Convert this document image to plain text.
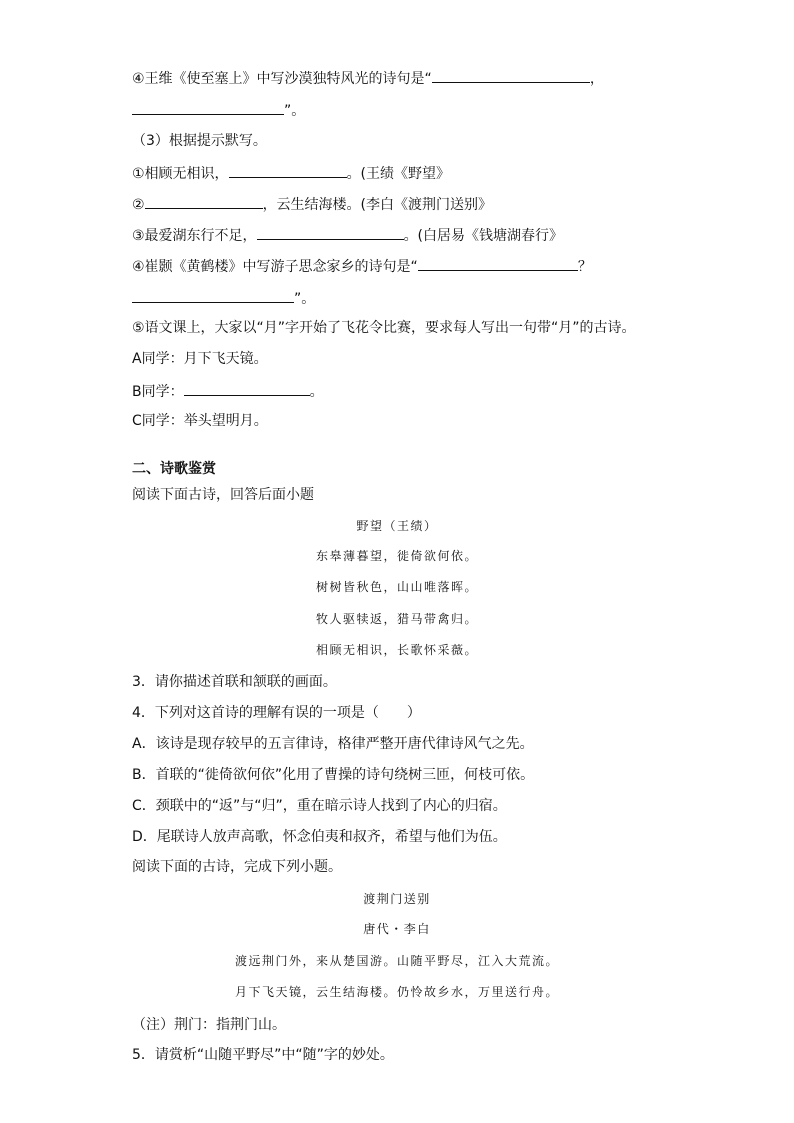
④王维《使至塞上》中写沙漠独特风光的诗句是“	，
”。
（3）根据提示默写。
①相顾无相识，	。(王绩《野望》
②	，云生结海楼。(李白《渡荆门送别》
③最爱湖东行不足，	。(白居易《钱塘湖春行》
④崔颢《黄鹤楼》中写游子思念家乡的诗句是“	？
”。
⑤语文课上，大家以“月”字开始了飞花令比赛，要求每人写出一句带“月”的古诗。
A同学：月下飞天镜。
B同学：	。
C同学：举头望明月。
二、诗歌鉴赏
阅读下面古诗，回答后面小题
野望（王绩）
东皋薄暮望，徙倚欲何依。
树树皆秋色，山山唯落晖。
牧人驱犊返，猎马带禽归。
相顾无相识，长歌怀采薇。
3．请你描述首联和颔联的画面。
4．下列对这首诗的理解有误的一项是（　　）
A．该诗是现存较早的五言律诗，格律严整开唐代律诗风气之先。
B．首联的“徙倚欲何依”化用了曹操的诗句绕树三匝，何枝可依。
C．颈联中的“返”与“归”，重在暗示诗人找到了内心的归宿。
D．尾联诗人放声高歌，怀念伯夷和叔齐，希望与他们为伍。
阅读下面的古诗，完成下列小题。
渡荆门送别
唐代・李白
渡远荆门外，来从楚国游。山随平野尽，江入大荒流。
月下飞天镜，云生结海楼。仍怜故乡水，万里送行舟。
（注）荆门：指荆门山。
5．请赏析“山随平野尽”中“随”字的妙处。
